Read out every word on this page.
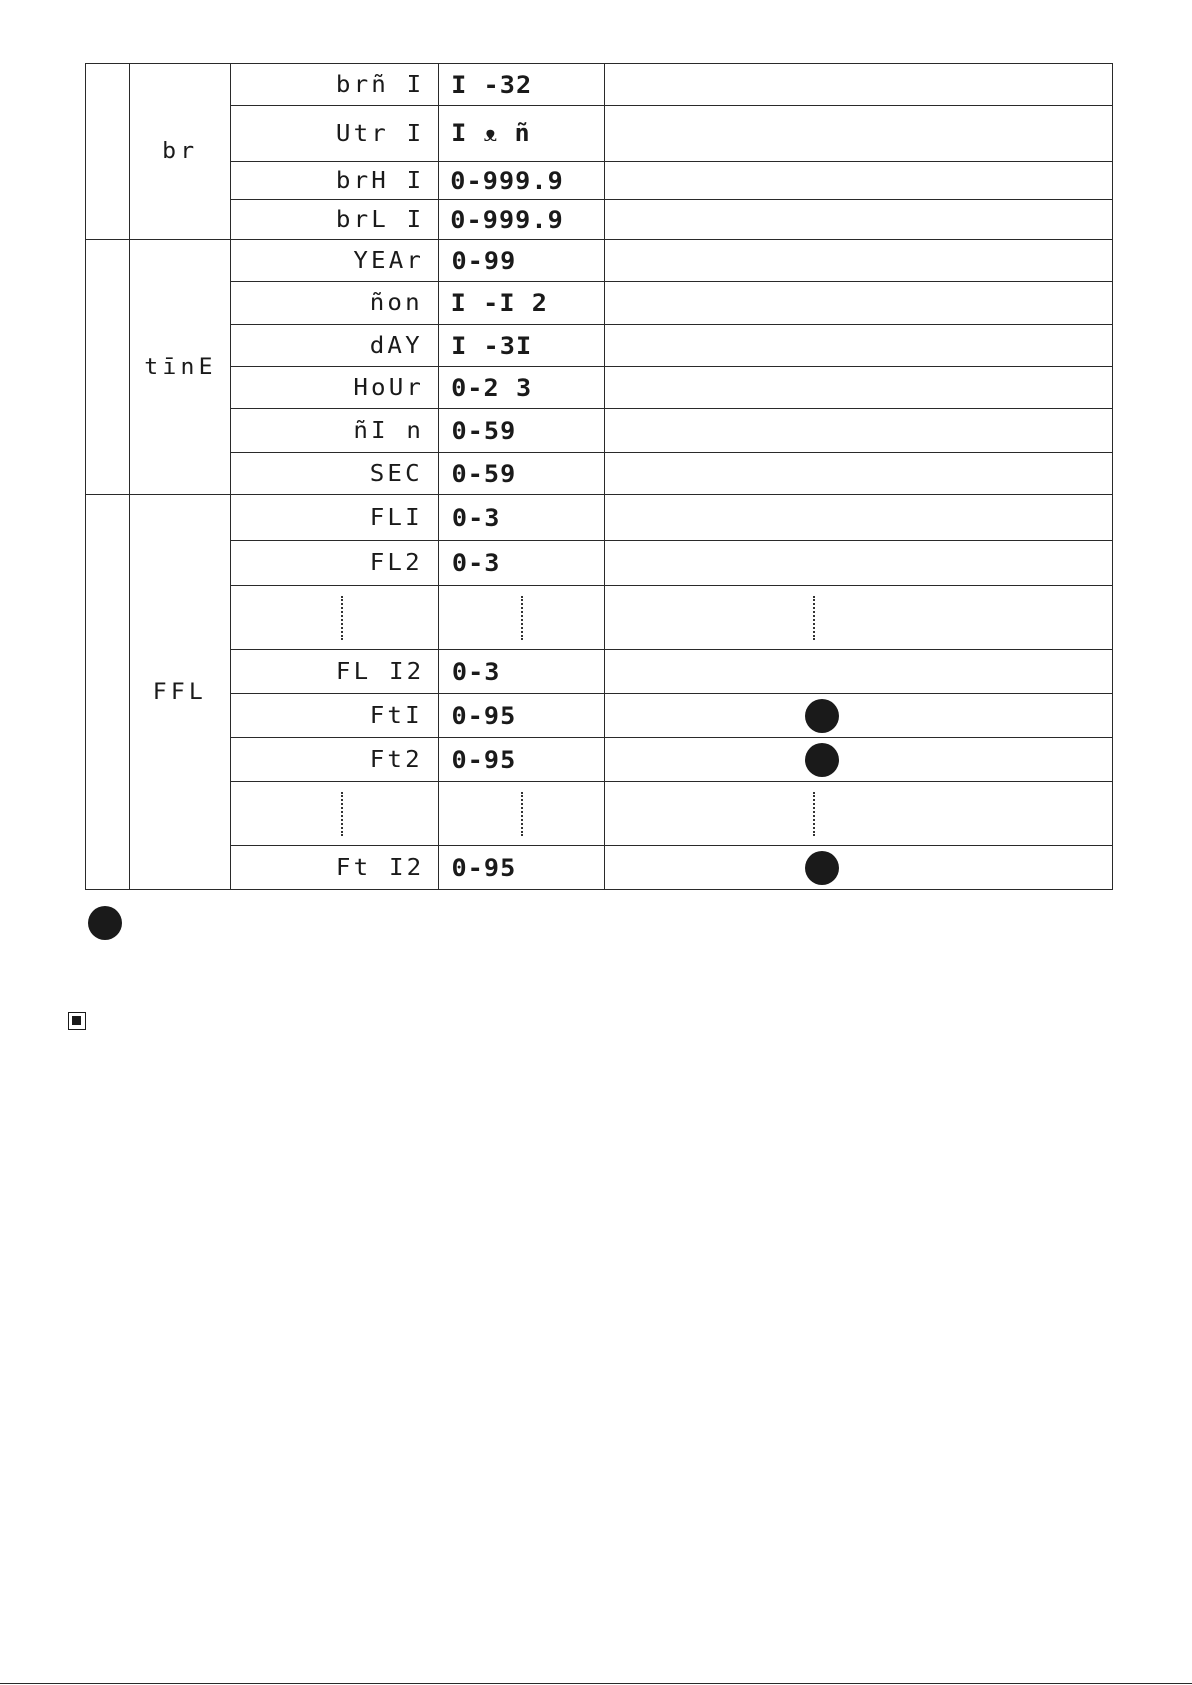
	br	brñ I	I -32	
		Utr I	I ᴥ ñ	
		brH I	0-999.9	
		brL I	0-999.9	
	tı̄nE	YEAr	0-99	
		ñon	I -I 2	
		dAY	I -3I	
		HoUr	0-2 3	
		ñI n	0-59	
		SEC	0-59	
	FFL	FLI	0-3	
		FL2	0-3	

		FL I2	0-3	
		FtI	0-95	
		Ft2	0-95	

		Ft I2	0-95	
